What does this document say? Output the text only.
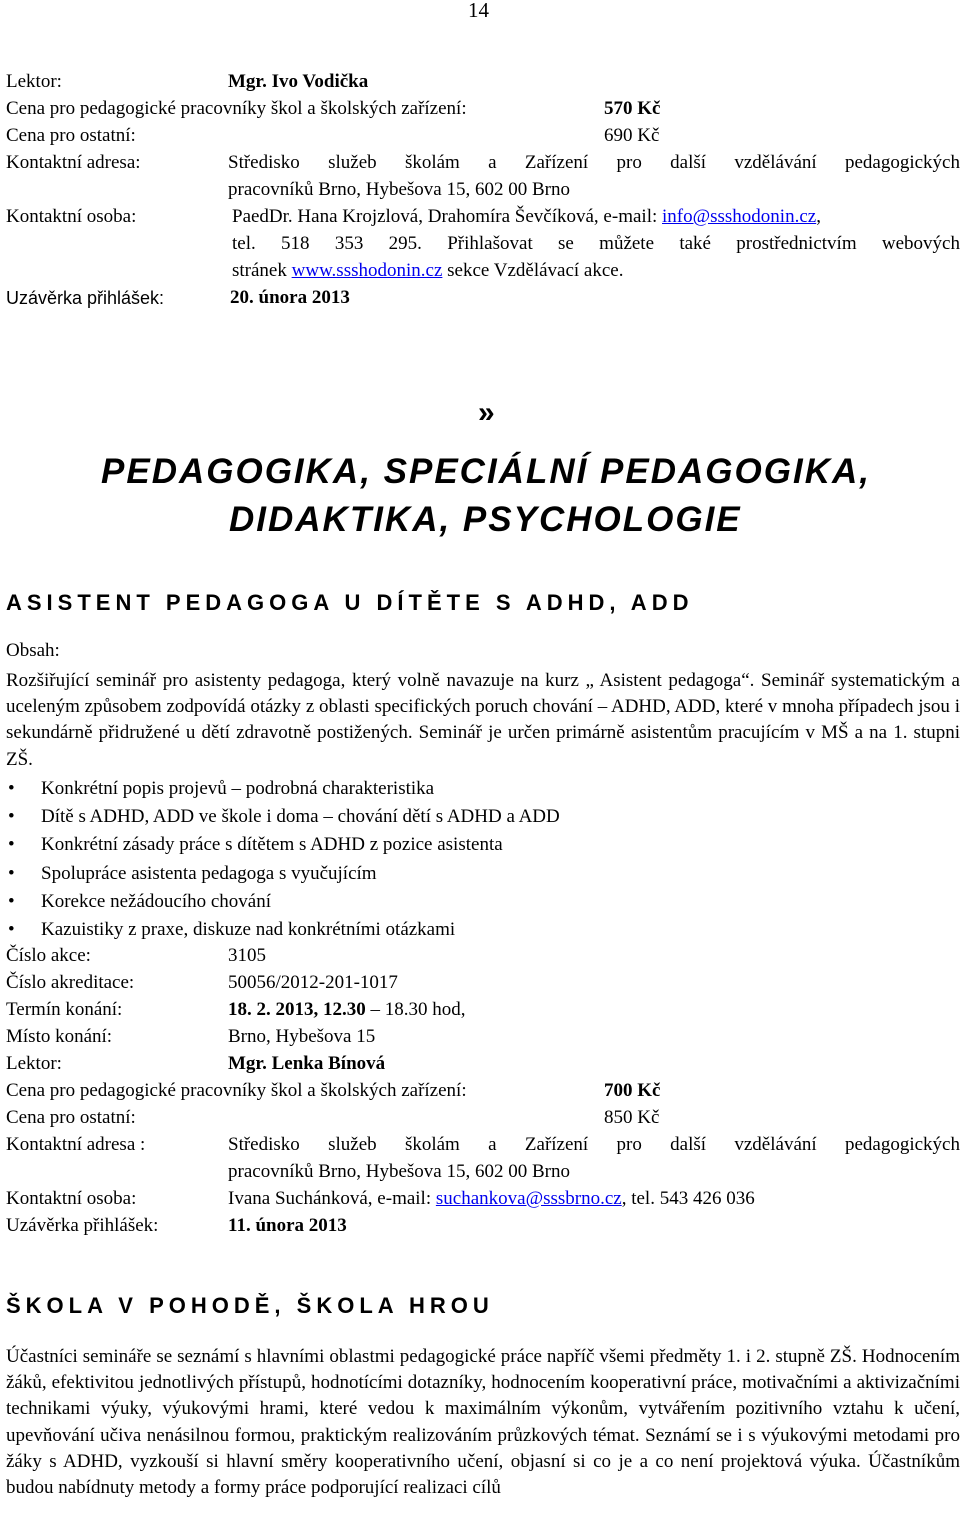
14
Lektor:	Mgr. Ivo Vodička
Cena pro pedagogické pracovníky škol a školských zařízení:	570 Kč
Cena pro ostatní:	690 Kč
Kontaktní adresa:	Středisko služeb školám a Zařízení pro další vzdělávání pedagogických
pracovníků Brno, Hybešova 15, 602 00 Brno
Kontaktní osoba:	PaedDr. Hana Krojzlová, Drahomíra Ševčíková, e-mail: info@ssshodonin.cz,
tel. 518 353 295. Přihlašovat se můžete také prostřednictvím webových
stránek www.ssshodonin.cz sekce Vzdělávací akce.
Uzávěrka přihlášek:	20. února 2013
»
PEDAGOGIKA, SPECIÁLNÍ PEDAGOGIKA,
DIDAKTIKA, PSYCHOLOGIE
ASISTENT PEDAGOGA U DÍTĚTE S ADHD, ADD
Obsah:
Rozšiřující seminář pro asistenty pedagoga, který volně navazuje na kurz „ Asistent pedagoga“. Seminář systematickým a uceleným způsobem zodpovídá otázky z oblasti specifických poruch chování – ADHD, ADD, které v mnoha případech jsou i sekundárně přidružené u dětí zdravotně postižených. Seminář je určen primárně asistentům pracujícím v MŠ a na 1. stupni ZŠ.
• Konkrétní popis projevů – podrobná charakteristika
• Dítě s ADHD, ADD ve škole i doma – chování dětí s ADHD a ADD
• Konkrétní zásady práce s dítětem s ADHD z pozice asistenta
• Spolupráce asistenta pedagoga s vyučujícím
• Korekce nežádoucího chování
• Kazuistiky z praxe, diskuze nad konkrétními otázkami
Číslo akce:	3105
Číslo akreditace:	50056/2012-201-1017
Termín konání:	18. 2. 2013, 12.30 – 18.30 hod,
Místo konání:	Brno, Hybešova 15
Lektor:	Mgr. Lenka Bínová
Cena pro pedagogické pracovníky škol a školských zařízení:	700 Kč
Cena pro ostatní:	850 Kč
Kontaktní adresa :	Středisko služeb školám a Zařízení pro další vzdělávání pedagogických
pracovníků Brno, Hybešova 15, 602 00 Brno
Kontaktní osoba:	Ivana Suchánková, e-mail: suchankova@sssbrno.cz, tel. 543 426 036
Uzávěrka přihlášek:	11. února 2013
ŠKOLA V POHODĚ, ŠKOLA HROU
Účastníci semináře se seznámí s hlavními oblastmi pedagogické práce napříč všemi předměty 1. i 2. stupně ZŠ. Hodnocením žáků, efektivitou jednotlivých přístupů, hodnotícími dotazníky, hodnocením kooperativní práce, motivačními a aktivizačními technikami výuky, výukovými hrami, které vedou k maximálním výkonům, vytvářením pozitivního vztahu k učení, upevňování učiva nenásilnou formou, praktickým realizováním průzkových témat. Seznámí se i s výukovými metodami pro žáky s ADHD, vyzkouší si hlavní směry kooperativního učení, objasní si co je a co není projektová výuka. Účastníkům budou nabídnuty metody a formy práce podporující realizaci cílů
